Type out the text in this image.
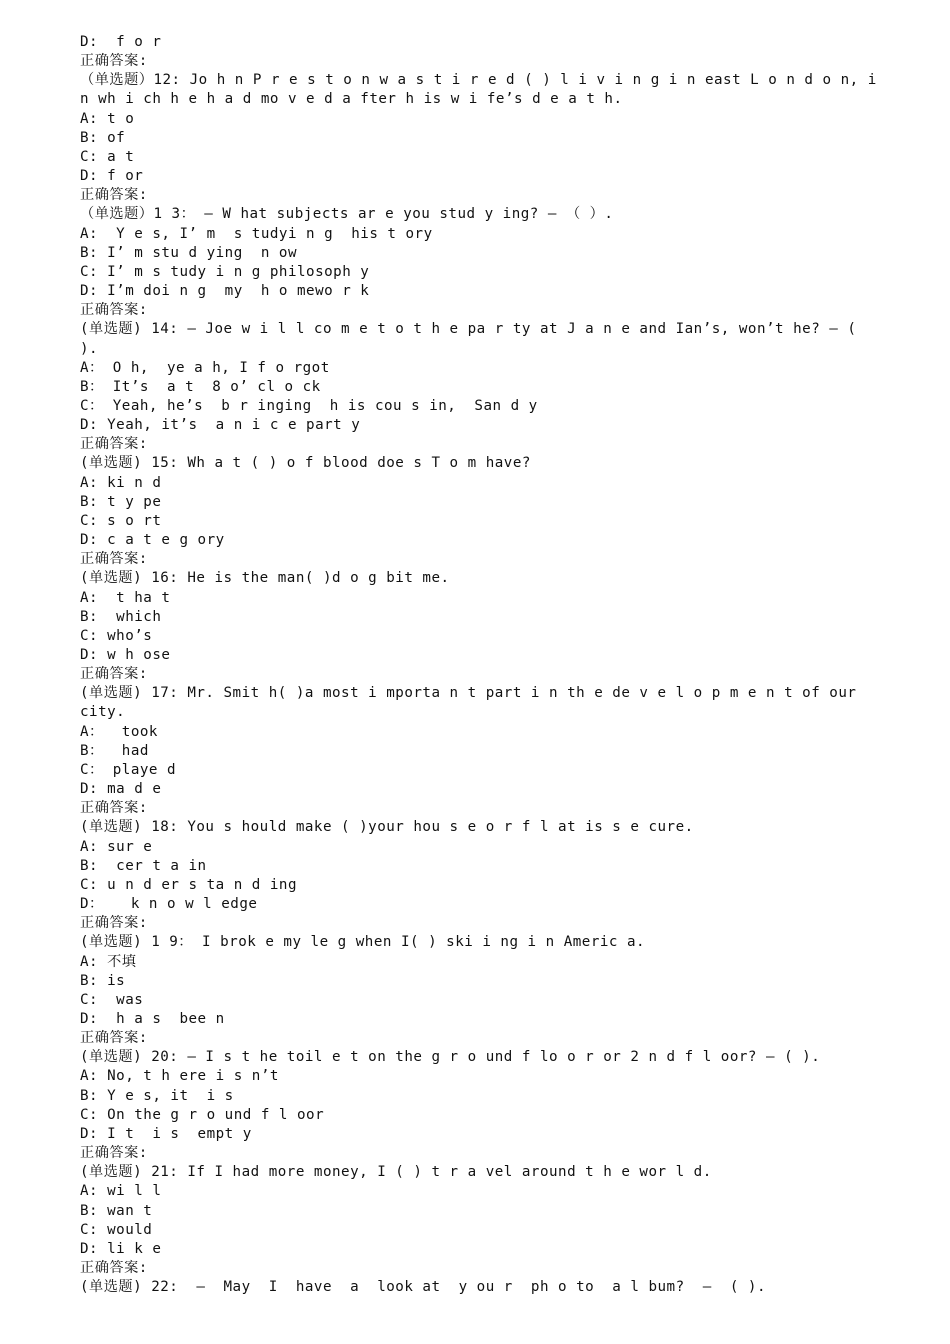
D:  f o r
正确答案:
（单选题）12: Jo h n P r e s t o n w a s t i r e d ( ) l i v i n g i n east L o n d o n, i n wh i ch h e h a d mo v e d a fter h is w i fe’s d e a t h.
A: t o
B: of
C: a t
D: f or
正确答案:
（单选题）1 3： – W hat subjects ar e you stud y ing? – （ ）.
A:  Y e s, I’ m  s tudyi n g  his t ory
B: I’ m stu d ying  n ow
C: I’ m s tudy i n g philosoph y
D: I’m doi n g  my  h o mewo r k
正确答案:
(单选题) 14: – Joe w i l l co m e t o t h e pa r ty at J a n e and Ian’s, won’t he? – ( ).
A： O h,  ye a h, I f o rgot
B： It’s  a t  8 o’ cl o ck
C： Yeah, he’s  b r inging  h is cou s in,  San d y
D: Yeah, it’s  a n i c e part y
正确答案:
(单选题) 15: Wh a t ( ) o f blood doe s T o m have?
A: ki n d
B: t y pe
C: s o rt
D: c a t e g ory
正确答案:
(单选题) 16: He is the man( )d o g bit me.
A:  t ha t
B:  which
C: who’s
D: w h ose
正确答案:
(单选题) 17: Mr. Smit h( )a most i mporta n t part i n th e de v e l o p m e n t of our city.
A：  took
B：  had
C： playe d
D: ma d e
正确答案:
(单选题) 18: You s hould make ( )your hou s e o r f l at is s e cure.
A: sur e
B:  cer t a in
C: u n d er s ta n d ing
D：   k n o w l edge
正确答案:
(单选题) 1 9： I brok e my le g when I( ) ski i ng i n Americ a.
A: 不填
B: is
C:  was
D:  h a s  bee n
正确答案:
(单选题) 20: – I s t he toil e t on the g r o und f lo o r or 2 n d f l oor? – ( ).
A: No, t h ere i s n’t
B: Y e s, it  i s
C: On the g r o und f l oor
D: I t  i s  empt y
正确答案:
(单选题) 21: If I had more money, I ( ) t r a vel around t h e wor l d.
A: wi l l
B: wan t
C: would
D: li k e
正确答案:
(单选题) 22:  –  May  I  have  a  look at  y ou r  ph o to  a l bum?  –  ( ).
